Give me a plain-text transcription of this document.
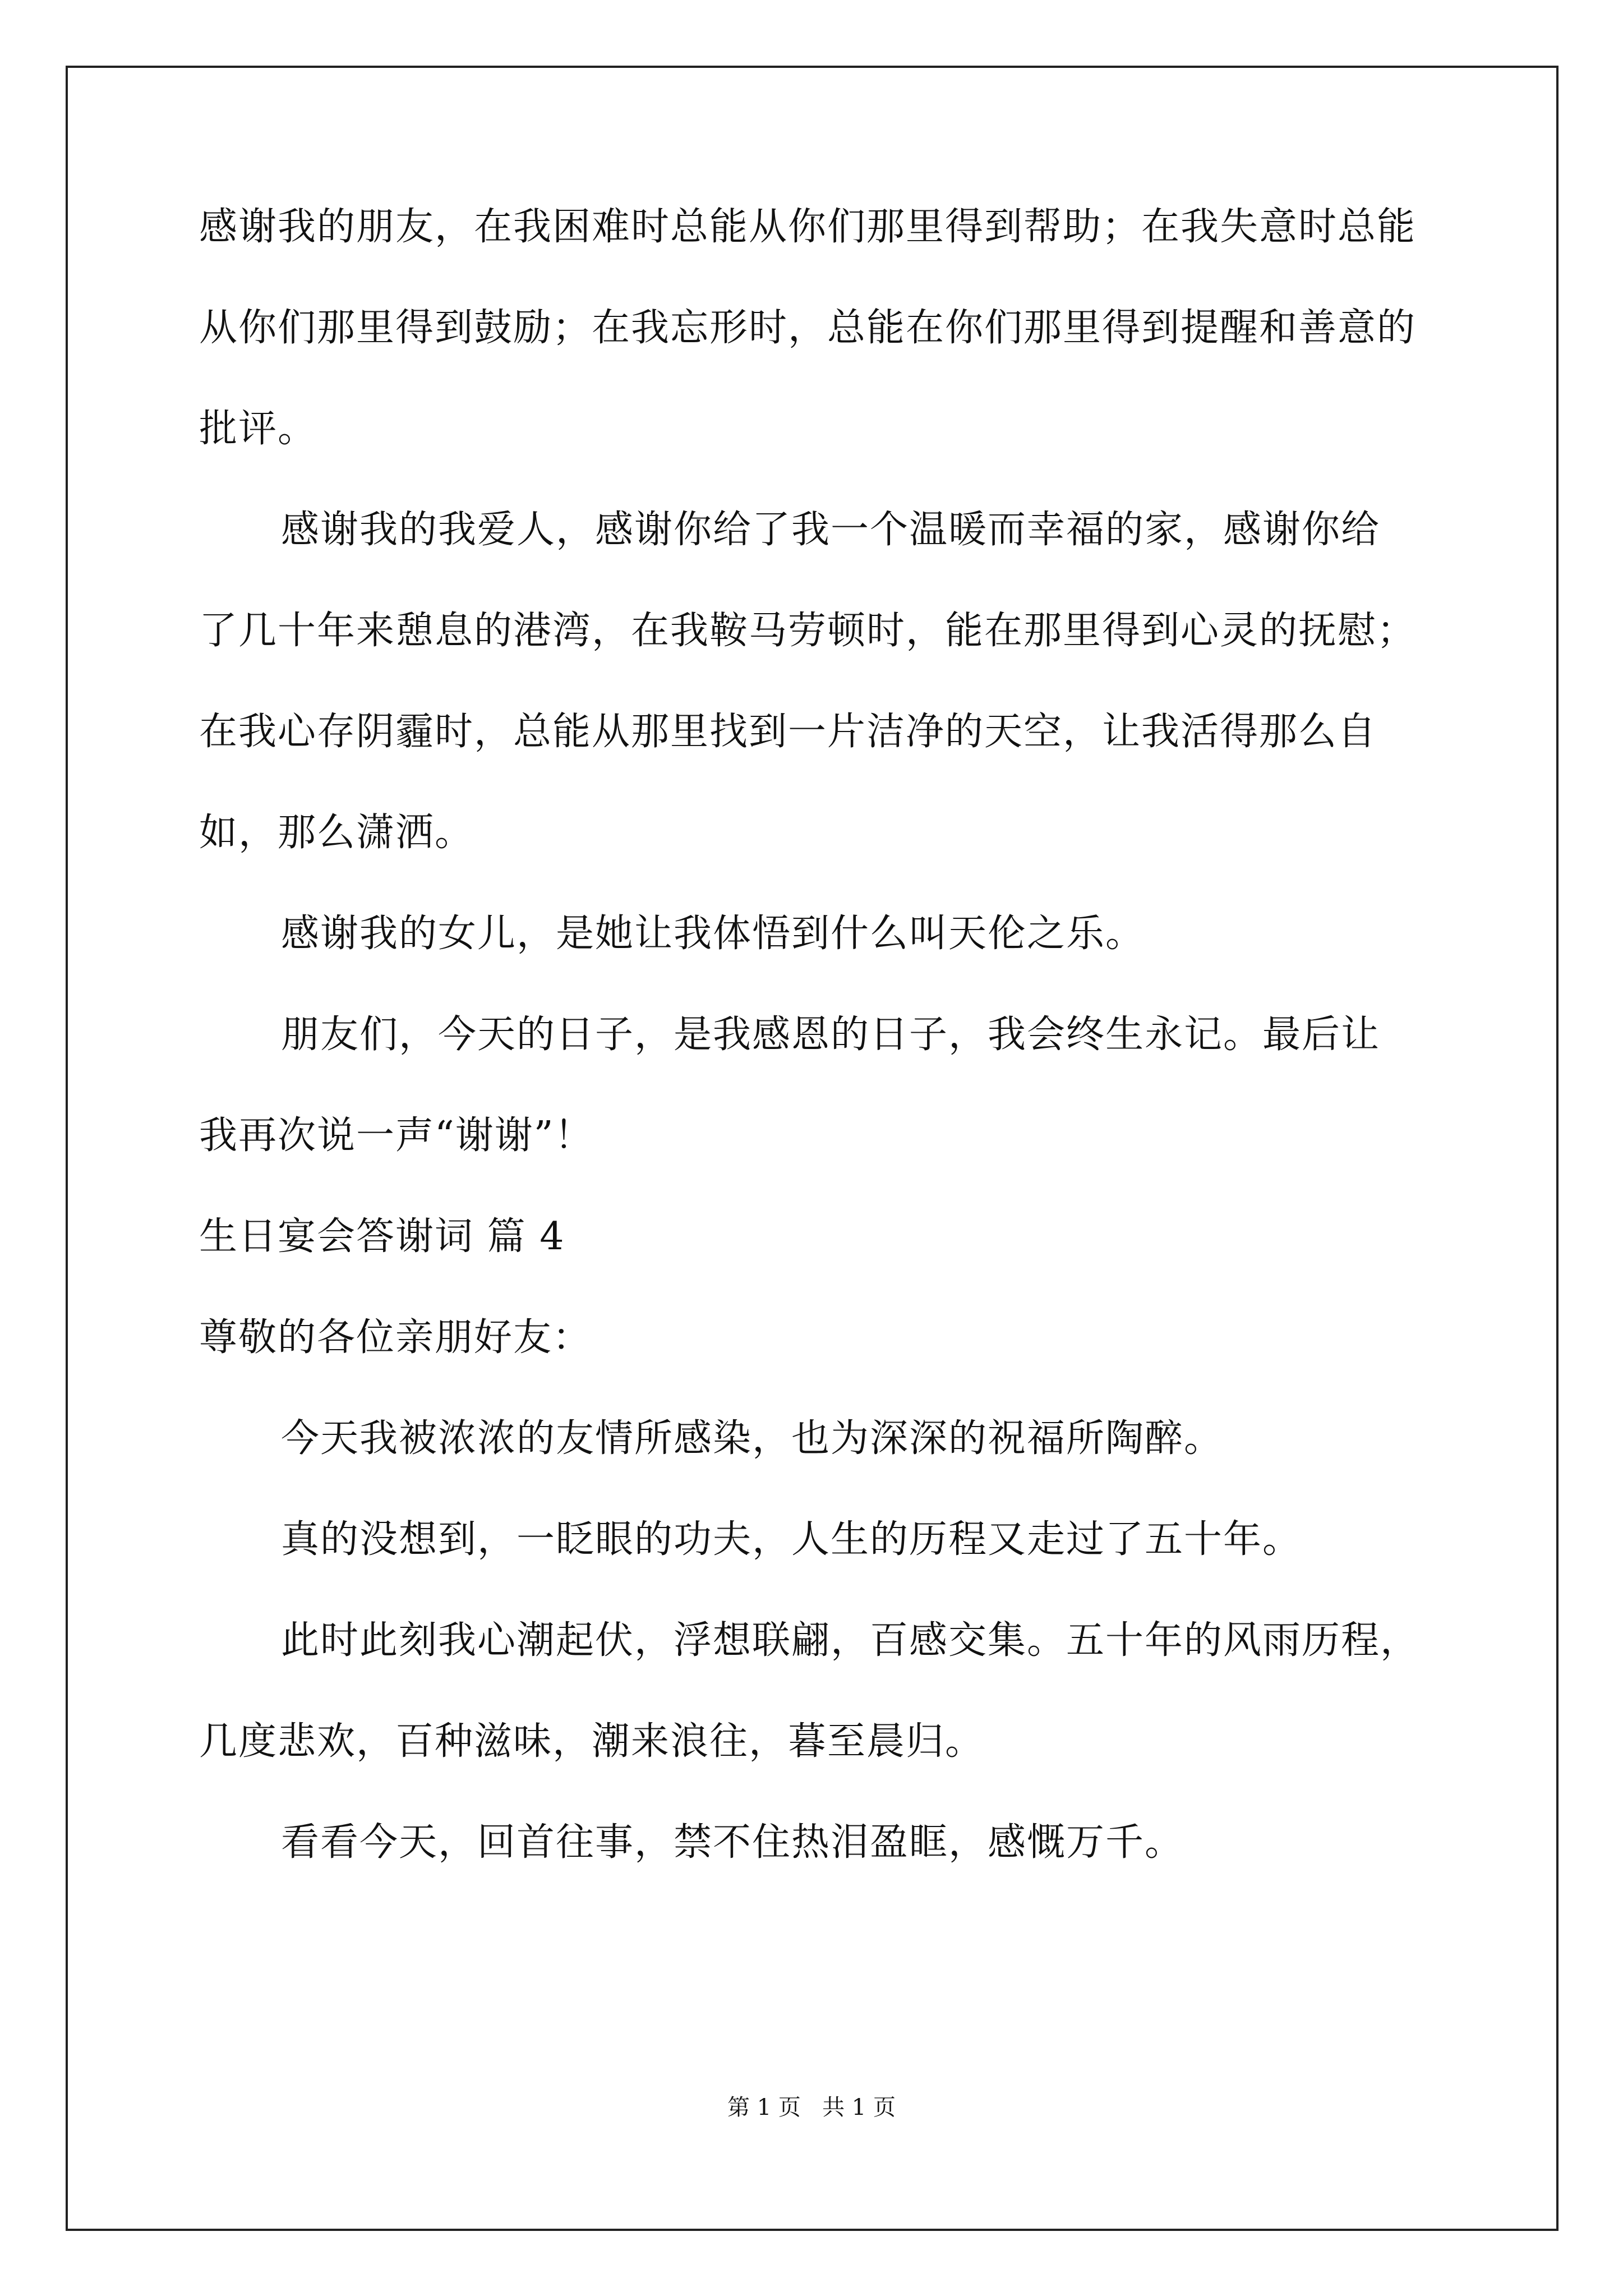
感谢我的朋友，在我困难时总能从你们那里得到帮助；在我失意时总能
从你们那里得到鼓励；在我忘形时，总能在你们那里得到提醒和善意的
批评。
感谢我的我爱人，感谢你给了我一个温暖而幸福的家，感谢你给
了几十年来憩息的港湾，在我鞍马劳顿时，能在那里得到心灵的抚慰；
在我心存阴霾时，总能从那里找到一片洁净的天空，让我活得那么自
如，那么潇洒。
感谢我的女儿，是她让我体悟到什么叫天伦之乐。
朋友们，今天的日子，是我感恩的日子，我会终生永记。最后让
我再次说一声“谢谢”！
生日宴会答谢词 篇 4
尊敬的各位亲朋好友：
今天我被浓浓的友情所感染，也为深深的祝福所陶醉。
真的没想到，一眨眼的功夫，人生的历程又走过了五十年。
此时此刻我心潮起伏，浮想联翩，百感交集。五十年的风雨历程，
几度悲欢，百种滋味，潮来浪往，暮至晨归。
看看今天，回首往事，禁不住热泪盈眶，感慨万千。
第 1 页   共 1 页
